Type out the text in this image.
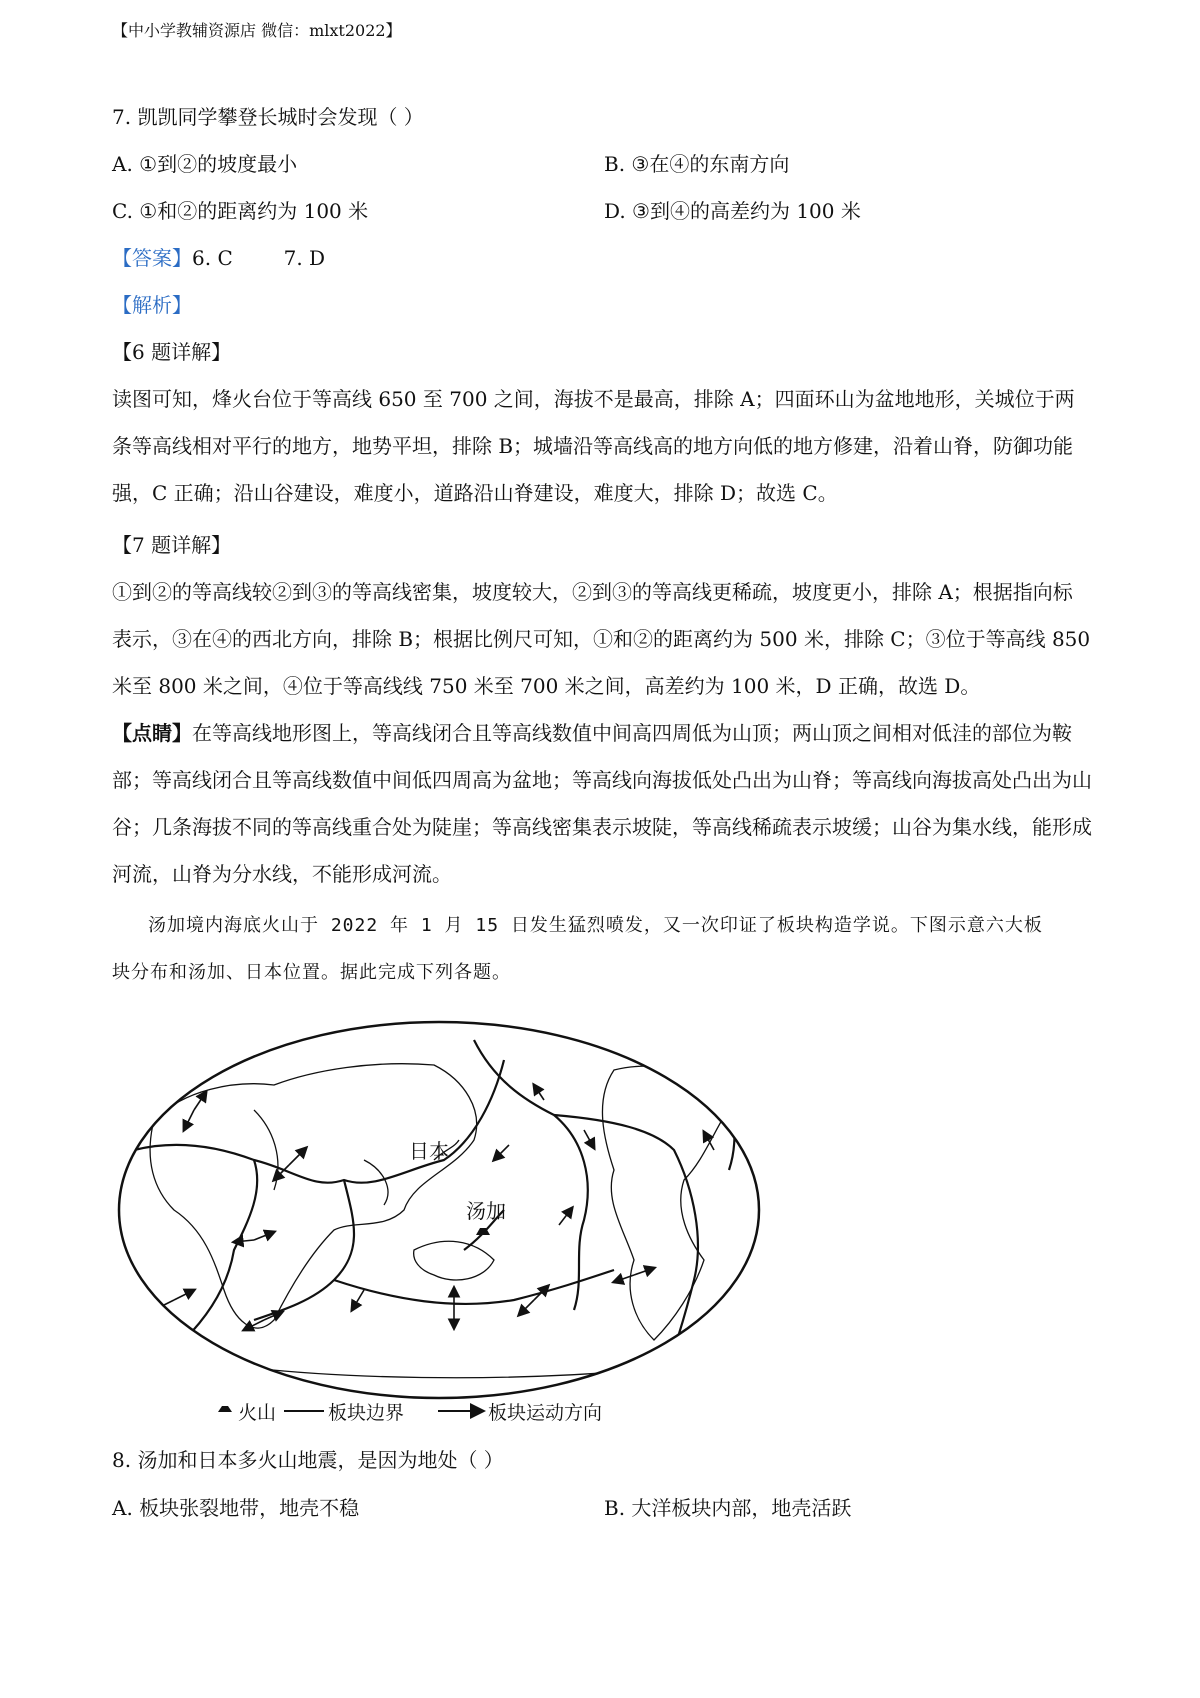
【中小学教辅资源店 微信：mlxt2022】
7. 凯凯同学攀登长城时会发现（ ）
A. ①到②的坡度最小	B. ③在④的东南方向
C. ①和②的距离约为 100 米	D. ③到④的高差约为 100 米
【答案】6. C        7. D
【解析】
【6 题详解】
读图可知，烽火台位于等高线 650 至 700 之间，海拔不是最高，排除 A；四面环山为盆地地形，关城位于两条等高线相对平行的地方，地势平坦，排除 B；城墙沿等高线高的地方向低的地方修建，沿着山脊，防御功能强，C 正确；沿山谷建设，难度小，道路沿山脊建设，难度大，排除 D；故选 C。
【7 题详解】
①到②的等高线较②到③的等高线密集，坡度较大，②到③的等高线更稀疏，坡度更小，排除 A；根据指向标表示，③在④的西北方向，排除 B；根据比例尺可知，①和②的距离约为 500 米，排除 C；③位于等高线 850 米至 800 米之间，④位于等高线线 750 米至 700 米之间，高差约为 100 米，D 正确，故选 D。
【点睛】在等高线地形图上，等高线闭合且等高线数值中间高四周低为山顶；两山顶之间相对低洼的部位为鞍部；等高线闭合且等高线数值中间低四周高为盆地；等高线向海拔低处凸出为山脊；等高线向海拔高处凸出为山谷；几条海拔不同的等高线重合处为陡崖；等高线密集表示坡陡，等高线稀疏表示坡缓；山谷为集水线，能形成河流，山脊为分水线，不能形成河流。
汤加境内海底火山于 2022 年 1 月 15 日发生猛烈喷发，又一次印证了板块构造学说。下图示意六大板
块分布和汤加、日本位置。据此完成下列各题。
日本
汤加
火山	板块边界	板块运动方向
8. 汤加和日本多火山地震，是因为地处（ ）
A. 板块张裂地带，地壳不稳	B. 大洋板块内部，地壳活跃
